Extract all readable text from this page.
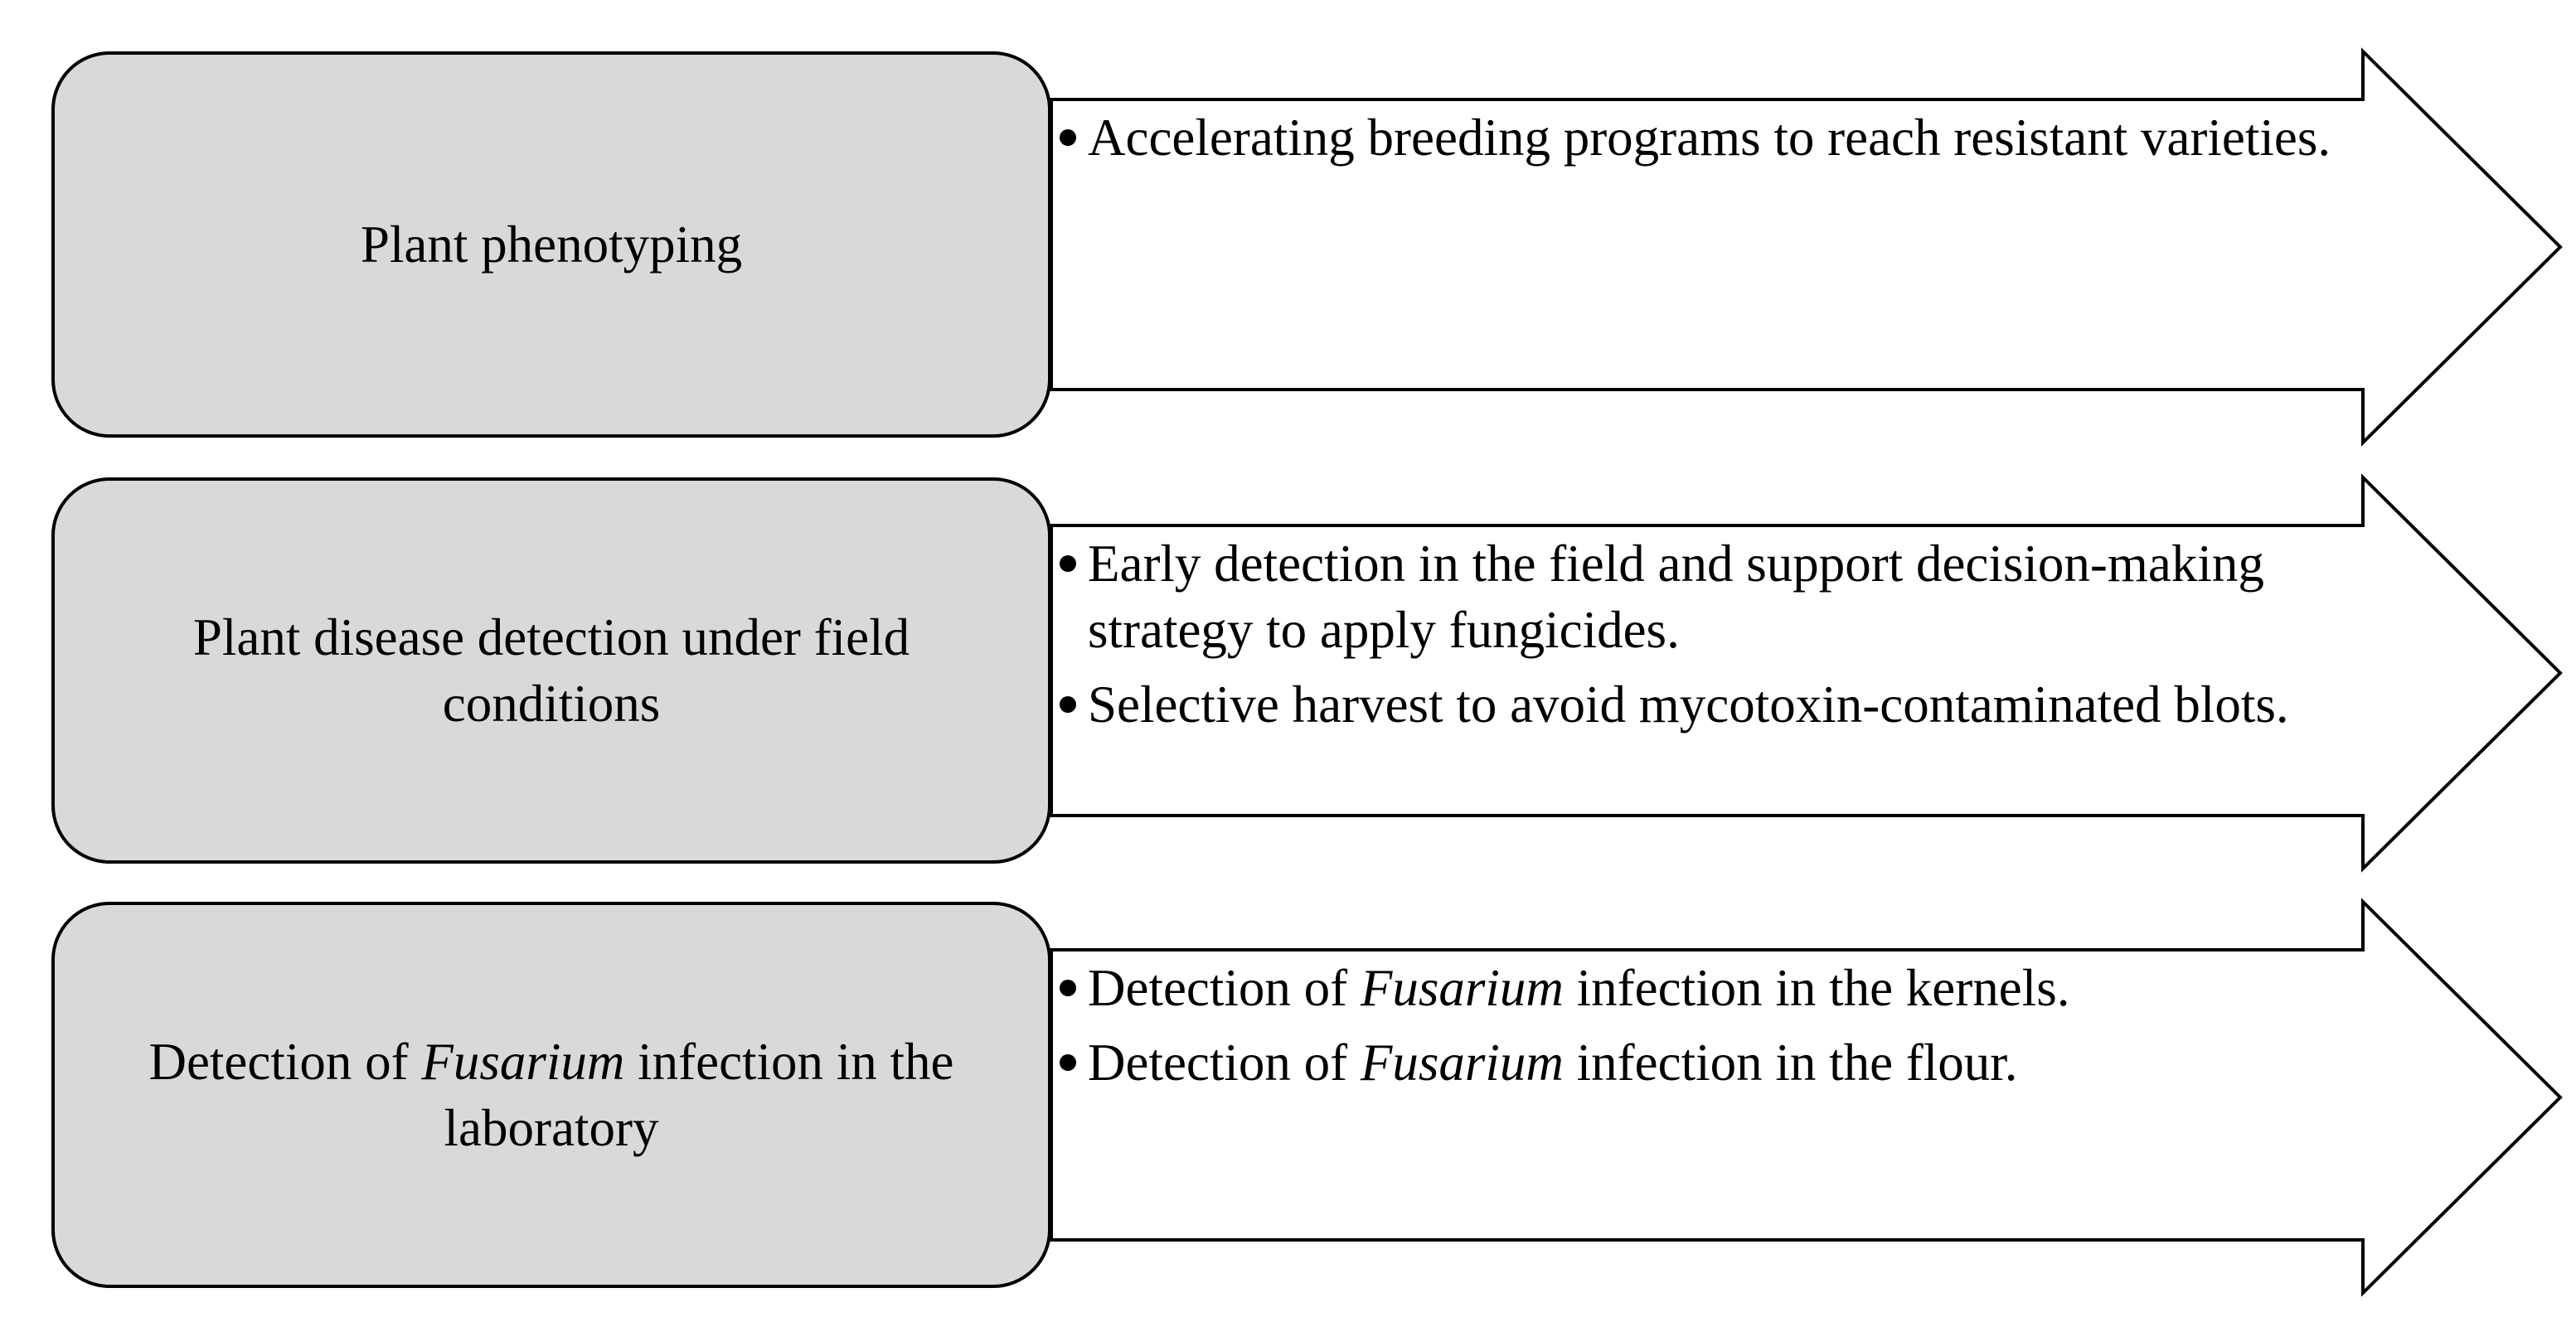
Plant phenotyping
Accelerating breeding programs to reach resistant varieties.
Plant disease detection under field conditions
Early detection in the field and support decision-making strategy to apply fungicides.
Selective harvest to avoid mycotoxin-contaminated blots.
Detection of Fusarium infection in the laboratory
Detection of Fusarium infection in the kernels.
Detection of Fusarium infection in the flour.
